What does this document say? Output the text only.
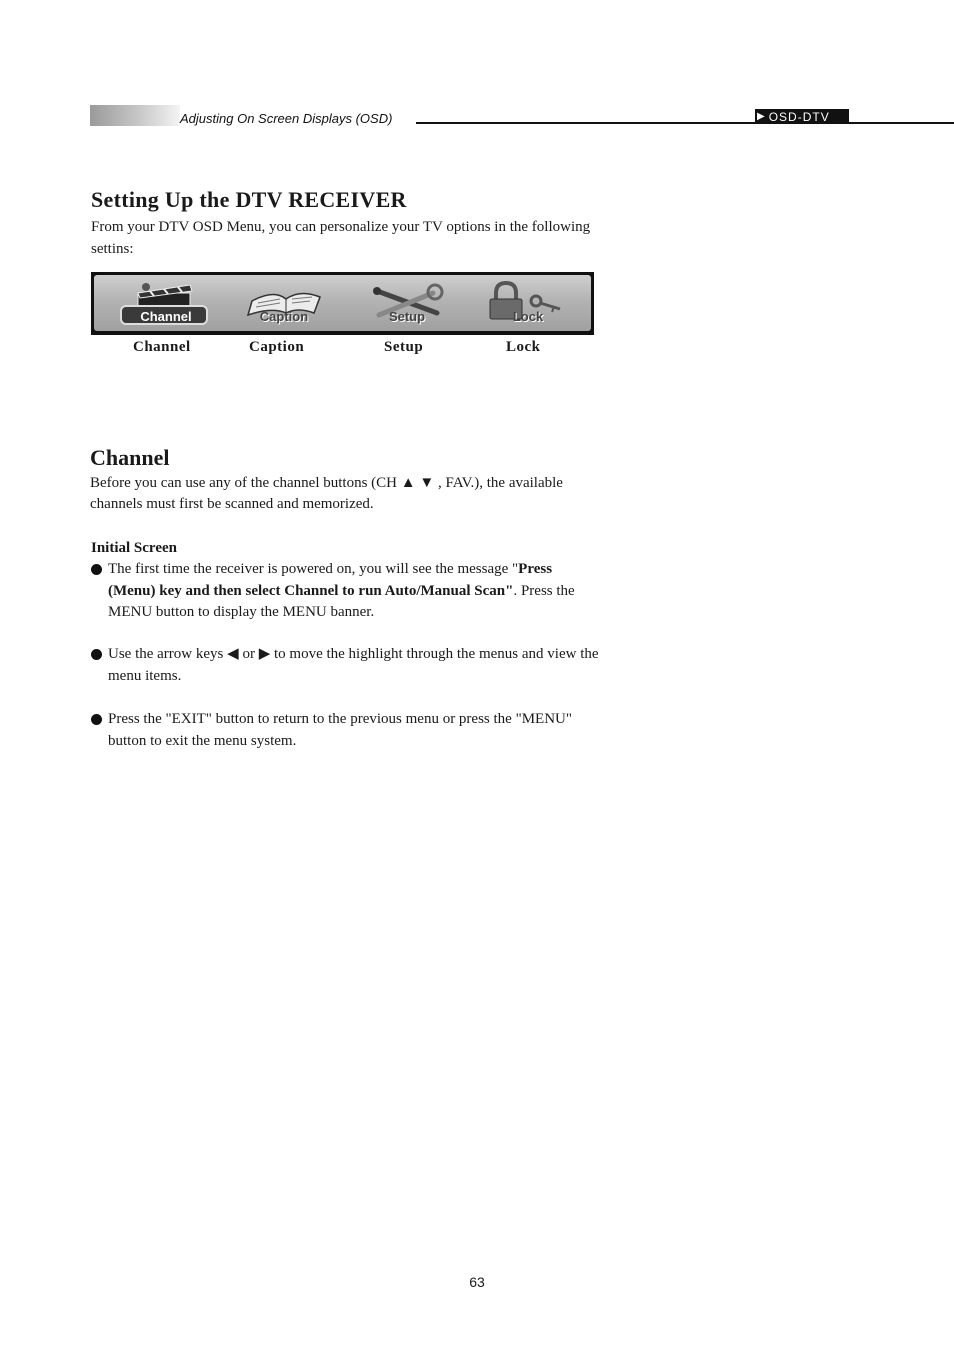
Adjusting On Screen Displays (OSD)	▶ OSD-DTV
Setting Up the DTV RECEIVER
From your DTV OSD Menu, you can personalize your TV options in the following settins:
Channel	Caption	Setup	Lock
Channel	Caption	Setup	Lock
Channel
Before you can use any of the channel buttons (CH ▲ ▼ , FAV.), the available channels must first be scanned and memorized.
Initial Screen
The first time the receiver is powered on, you will see the message "Press (Menu) key and then select Channel to run Auto/Manual Scan". Press the MENU button to display the MENU banner.
Use the arrow keys ◀ or ▶ to move the highlight through the menus and view the menu items.
Press the "EXIT" button to return to the previous menu or press the "MENU" button to exit the menu system.
63
